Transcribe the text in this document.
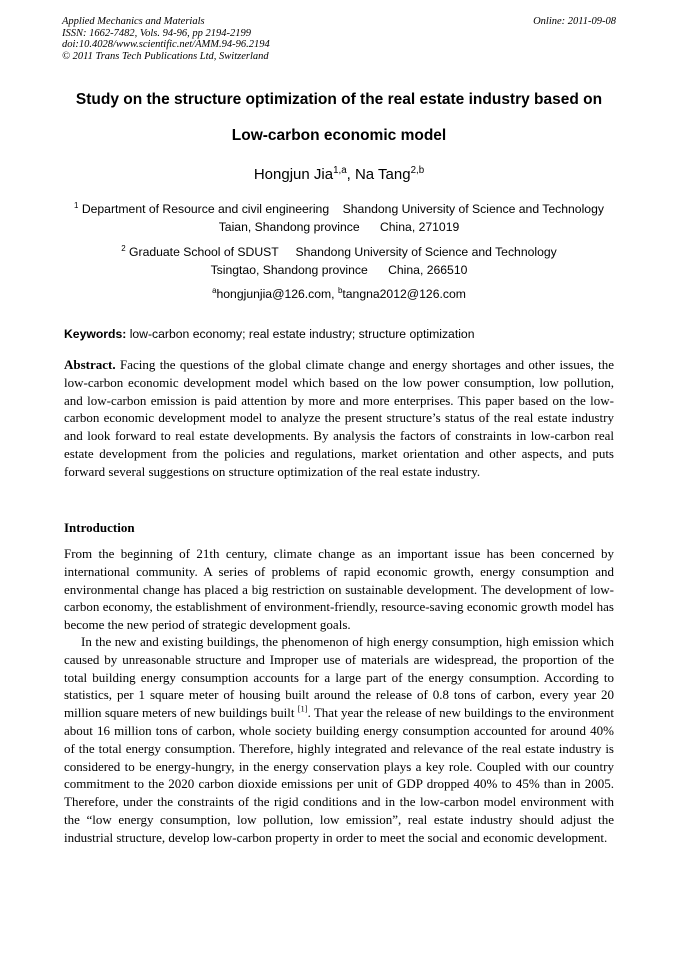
Applied Mechanics and Materials
ISSN: 1662-7482, Vols. 94-96, pp 2194-2199
doi:10.4028/www.scientific.net/AMM.94-96.2194
© 2011 Trans Tech Publications Ltd, Switzerland
Online: 2011-09-08
Study on the structure optimization of the real estate industry based on
Low-carbon economic model
Hongjun Jia$^{1,a}$, Na Tang$^{2,b}$
$^1$ Department of Resource and civil engineering    Shandong University of Science and Technology
Taian, Shandong province      China, 271019
$^2$ Graduate School of SDUST     Shandong University of Science and Technology
Tsingtao, Shandong province      China, 266510
$^a$hongjunjia@126.com, $^b$tangna2012@126.com
Keywords: low-carbon economy; real estate industry; structure optimization
Abstract. Facing the questions of the global climate change and energy shortages and other issues, the low-carbon economic development model which based on the low power consumption, low pollution, and low-carbon emission is paid attention by more and more enterprises. This paper based on the low-carbon economic development model to analyze the present structure’s status of the real estate industry and look forward to real estate developments. By analysis the factors of constraints in low-carbon real estate development from the policies and regulations, market orientation and other aspects, and puts forward several suggestions on structure optimization of the real estate industry.
Introduction
From the beginning of 21th century, climate change as an important issue has been concerned by international community. A series of problems of rapid economic growth, energy consumption and environmental change has placed a big restriction on sustainable development. The development of low-carbon economy, the establishment of environment-friendly, resource-saving economic growth model has become the new period of strategic development goals.
In the new and existing buildings, the phenomenon of high energy consumption, high emission which caused by unreasonable structure and Improper use of materials are widespread, the proportion of the total building energy consumption accounts for a large part of the energy consumption. According to statistics, per 1 square meter of housing built around the release of 0.8 tons of carbon, every year 20 million square meters of new buildings built [1]. That year the release of new buildings to the environment about 16 million tons of carbon, whole society building energy consumption accounted for around 40% of the total energy consumption. Therefore, highly integrated and relevance of the real estate industry is considered to be energy-hungry, in the energy conservation plays a key role. Coupled with our country commitment to the 2020 carbon dioxide emissions per unit of GDP dropped 40% to 45% than in 2005. Therefore, under the constraints of the rigid conditions and in the low-carbon model environment with the “low energy consumption, low pollution, low emission”, real estate industry should adjust the industrial structure, develop low-carbon property in order to meet the social and economic development.
